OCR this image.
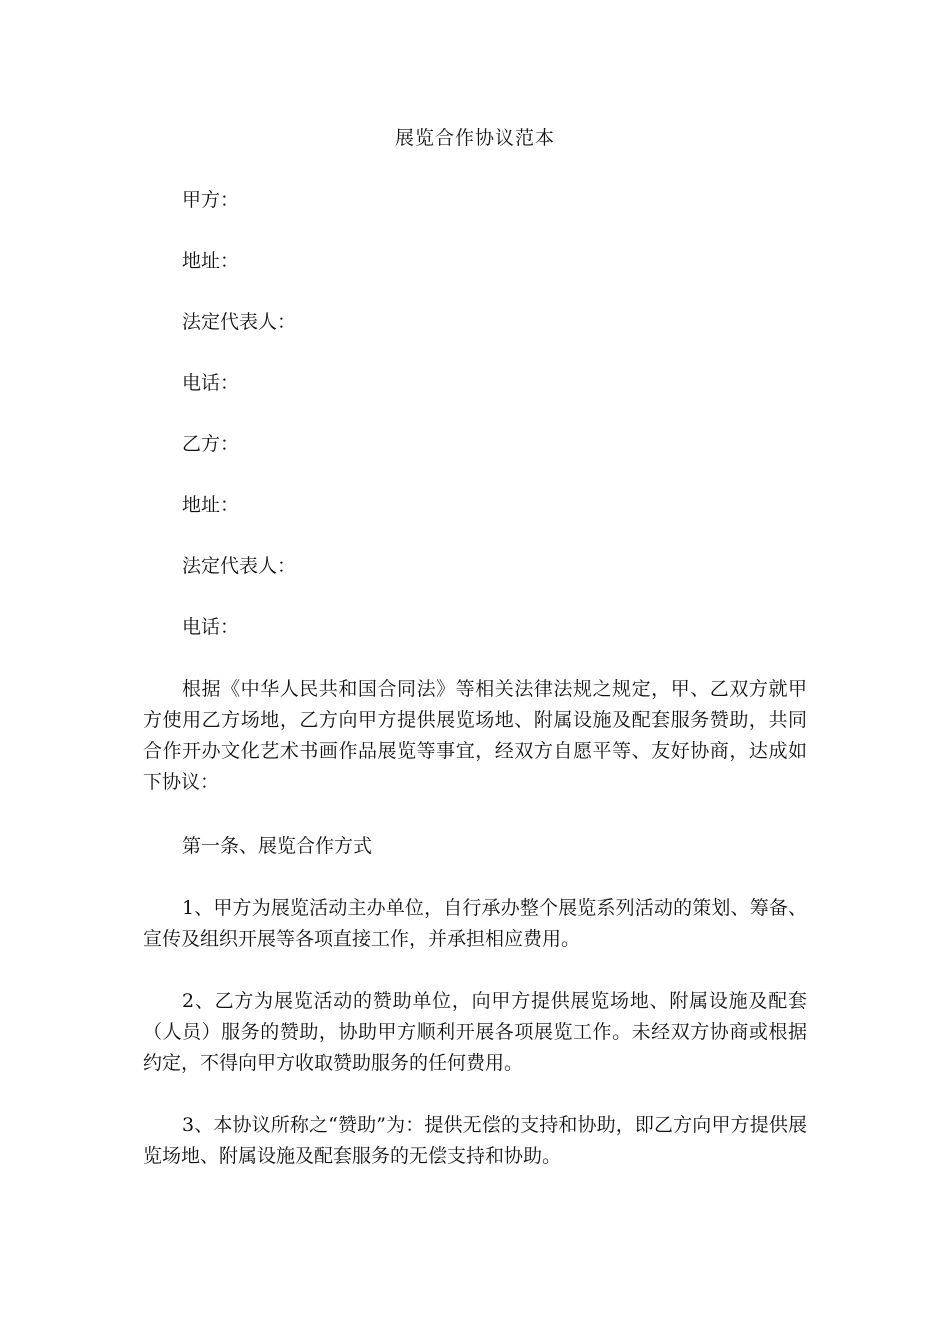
展览合作协议范本

甲方：

地址：

法定代表人：

电话：

乙方：

地址：

法定代表人：

电话：

根据《中华人民共和国合同法》等相关法律法规之规定，甲、乙双方就甲方使用乙方场地，乙方向甲方提供展览场地、附属设施及配套服务赞助，共同合作开办文化艺术书画作品展览等事宜，经双方自愿平等、友好协商，达成如下协议：

第一条、展览合作方式

1、甲方为展览活动主办单位，自行承办整个展览系列活动的策划、筹备、宣传及组织开展等各项直接工作，并承担相应费用。

2、乙方为展览活动的赞助单位，向甲方提供展览场地、附属设施及配套（人员）服务的赞助，协助甲方顺利开展各项展览工作。未经双方协商或根据约定，不得向甲方收取赞助服务的任何费用。

3、本协议所称之“赞助”为：提供无偿的支持和协助，即乙方向甲方提供展览场地、附属设施及配套服务的无偿支持和协助。
